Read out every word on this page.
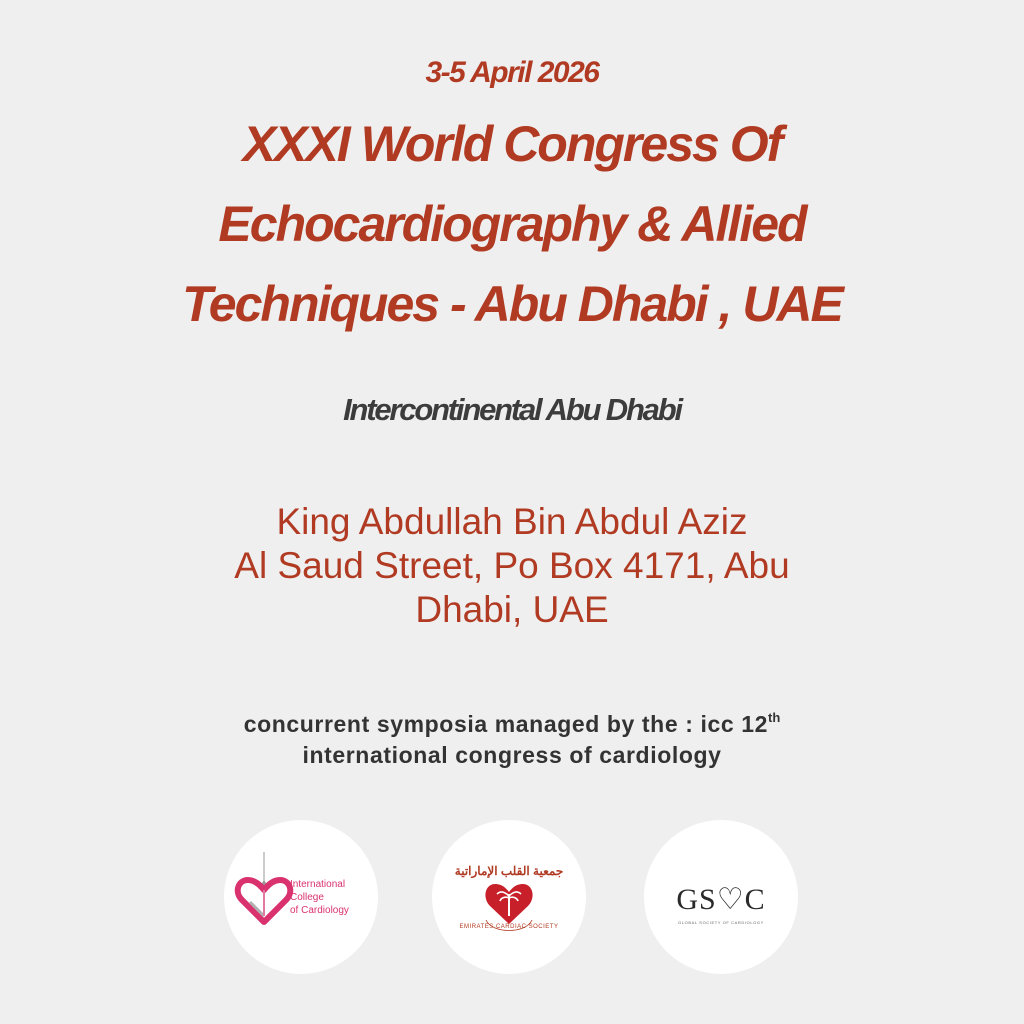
3-5 April 2026
XXXI World Congress Of
Echocardiography & Allied
Techniques - Abu Dhabi , UAE
Intercontinental Abu Dhabi
King Abdullah Bin Abdul Aziz
Al Saud Street, Po Box 4171, Abu
Dhabi, UAE
concurrent symposia managed by the : icc 12th
international congress of cardiology
International
College
of Cardiology
جمعية القلب الإماراتية
EMIRATES CARDIAC SOCIETY
GS♡C
GLOBAL SOCIETY OF CARDIOLOGY
